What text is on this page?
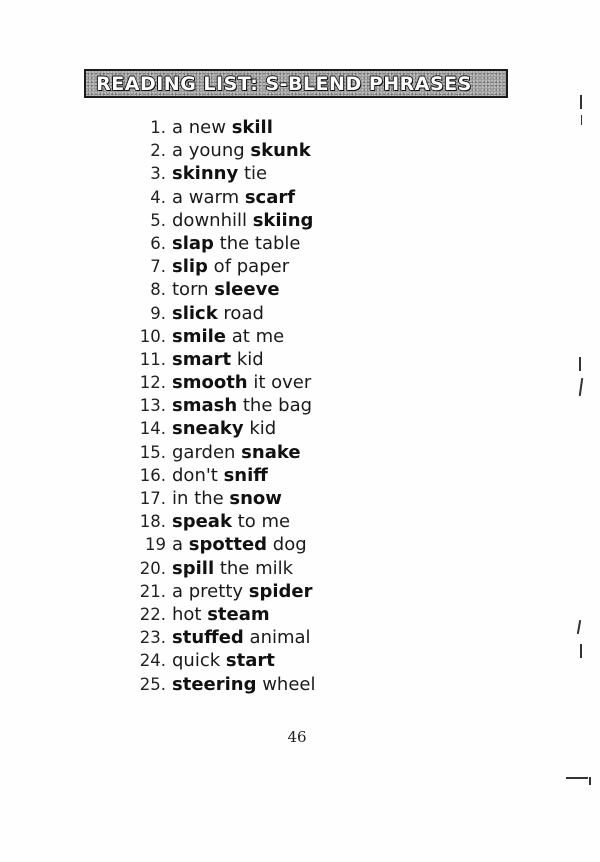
READING LIST: S-BLEND PHRASES
1. a new skill
2. a young skunk
3. skinny tie
4. a warm scarf
5. downhill skiing
6. slap the table
7. slip of paper
8. torn sleeve
9. slick road
10. smile at me
11. smart kid
12. smooth it over
13. smash the bag
14. sneaky kid
15. garden snake
16. don't sniff
17. in the snow
18. speak to me
19 a spotted dog
20. spill the milk
21. a pretty spider
22. hot steam
23. stuffed animal
24. quick start
25. steering wheel
46
